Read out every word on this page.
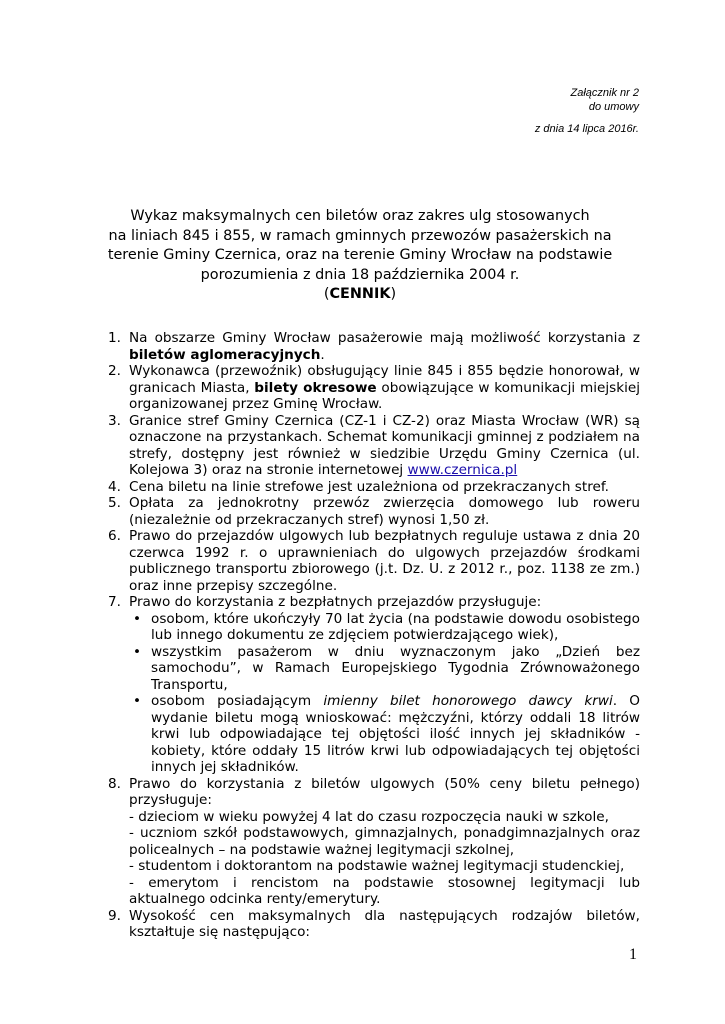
Załącznik nr 2
do umowy
z dnia 14 lipca 2016r.
Wykaz maksymalnych cen biletów oraz zakres ulg stosowanych
na liniach 845 i 855, w ramach gminnych przewozów pasażerskich na
terenie Gminy Czernica, oraz na terenie Gminy Wrocław na podstawie
porozumienia z dnia 18 października 2004 r.
(CENNIK)
1. Na obszarze Gminy Wrocław pasażerowie mają możliwość korzystania z biletów aglomeracyjnych.
2. Wykonawca (przewoźnik) obsługujący linie 845 i 855 będzie honorował, w granicach Miasta, bilety okresowe obowiązujące w komunikacji miejskiej organizowanej przez Gminę Wrocław.
3. Granice stref Gminy Czernica (CZ-1 i CZ-2) oraz Miasta Wrocław (WR) są oznaczone na przystankach. Schemat komunikacji gminnej z podziałem na strefy, dostępny jest również w siedzibie Urzędu Gminy Czernica (ul. Kolejowa 3) oraz na stronie internetowej www.czernica.pl
4. Cena biletu na linie strefowe jest uzależniona od przekraczanych stref.
5. Opłata za jednokrotny przewóz zwierzęcia domowego lub roweru (niezależnie od przekraczanych stref) wynosi 1,50 zł.
6. Prawo do przejazdów ulgowych lub bezpłatnych reguluje ustawa z dnia 20 czerwca 1992 r. o uprawnieniach do ulgowych przejazdów środkami publicznego transportu zbiorowego (j.t. Dz. U. z 2012 r., poz. 1138 ze zm.) oraz inne przepisy szczególne.
7. Prawo do korzystania z bezpłatnych przejazdów przysługuje:
• osobom, które ukończyły 70 lat życia (na podstawie dowodu osobistego lub innego dokumentu ze zdjęciem potwierdzającego wiek),
• wszystkim pasażerom w dniu wyznaczonym jako „Dzień bez samochodu”, w Ramach Europejskiego Tygodnia Zrównoważonego Transportu,
• osobom posiadającym imienny bilet honorowego dawcy krwi. O wydanie biletu mogą wnioskować: mężczyźni, którzy oddali 18 litrów krwi lub odpowiadające tej objętości ilość innych jej składników - kobiety, które oddały 15 litrów krwi lub odpowiadających tej objętości innych jej składników.
8. Prawo do korzystania z biletów ulgowych (50% ceny biletu pełnego) przysługuje:
- dzieciom w wieku powyżej 4 lat do czasu rozpoczęcia nauki w szkole,
- uczniom szkół podstawowych, gimnazjalnych, ponadgimnazjalnych oraz policealnych – na podstawie ważnej legitymacji szkolnej,
- studentom i doktorantom na podstawie ważnej legitymacji studenckiej,
- emerytom i rencistom na podstawie stosownej legitymacji lub aktualnego odcinka renty/emerytury.
9. Wysokość cen maksymalnych dla następujących rodzajów biletów, kształtuje się następująco:
1
